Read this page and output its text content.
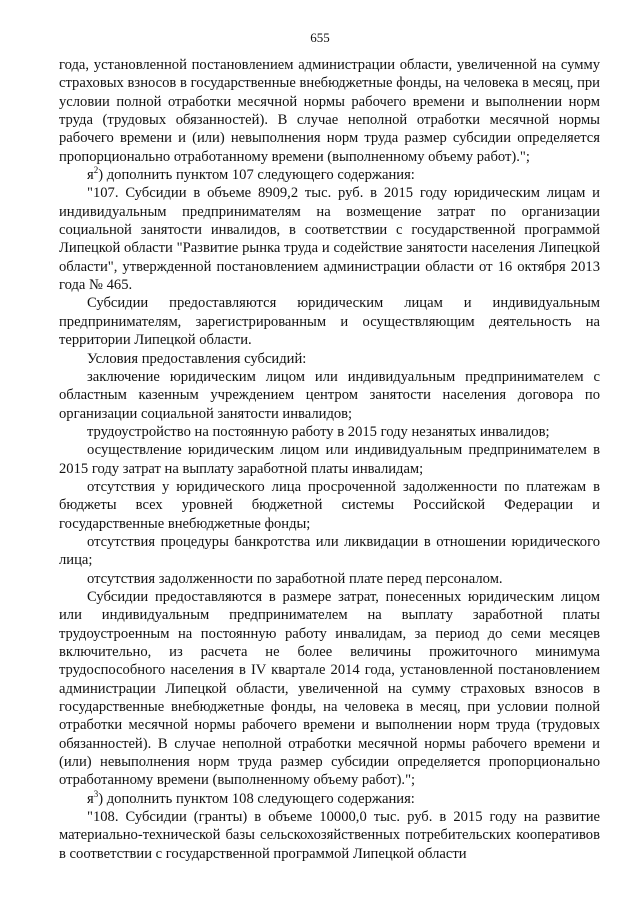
655

года, установленной постановлением администрации области, увеличенной на сумму страховых взносов в государственные внебюджетные фонды, на человека в месяц, при условии полной отработки месячной нормы рабочего времени и выполнении норм труда (трудовых обязанностей). В случае неполной отработки месячной нормы рабочего времени и (или) невыполнения норм труда размер субсидии определяется пропорционально отработанному времени (выполненному объему работ).";

$я^2$) дополнить пунктом 107 следующего содержания:

"107. Субсидии в объеме 8909,2 тыс. руб. в 2015 году юридическим лицам и индивидуальным предпринимателям на возмещение затрат по организации социальной занятости инвалидов, в соответствии с государственной программой Липецкой области "Развитие рынка труда и содействие занятости населения Липецкой области", утвержденной постановлением администрации области от 16 октября 2013 года № 465.

Субсидии предоставляются юридическим лицам и индивидуальным предпринимателям, зарегистрированным и осуществляющим деятельность на территории Липецкой области.

Условия предоставления субсидий:

заключение юридическим лицом или индивидуальным предпринимателем с областным казенным учреждением центром занятости населения договора по организации социальной занятости инвалидов;

трудоустройство на постоянную работу в 2015 году незанятых инвалидов;

осуществление юридическим лицом или индивидуальным предпринимателем в 2015 году затрат на выплату заработной платы инвалидам;

отсутствия у юридического лица просроченной задолженности по платежам в бюджеты всех уровней бюджетной системы Российской Федерации и государственные внебюджетные фонды;

отсутствия процедуры банкротства или ликвидации в отношении юридического лица;

отсутствия задолженности по заработной плате перед персоналом.

Субсидии предоставляются в размере затрат, понесенных юридическим лицом или индивидуальным предпринимателем на выплату заработной платы трудоустроенным на постоянную работу инвалидам, за период до семи месяцев включительно, из расчета не более величины прожиточного минимума трудоспособного населения в IV квартале 2014 года, установленной постановлением администрации Липецкой области, увеличенной на сумму страховых взносов в государственные внебюджетные фонды, на человека в месяц, при условии полной отработки месячной нормы рабочего времени и выполнении норм труда (трудовых обязанностей). В случае неполной отработки месячной нормы рабочего времени и (или) невыполнения норм труда размер субсидии определяется пропорционально отработанному времени (выполненному объему работ).";

$я^3$) дополнить пунктом 108 следующего содержания:

"108. Субсидии (гранты) в объеме 10000,0 тыс. руб. в 2015 году на развитие материально-технической базы сельскохозяйственных потребительских кооперативов в соответствии с государственной программой Липецкой области
